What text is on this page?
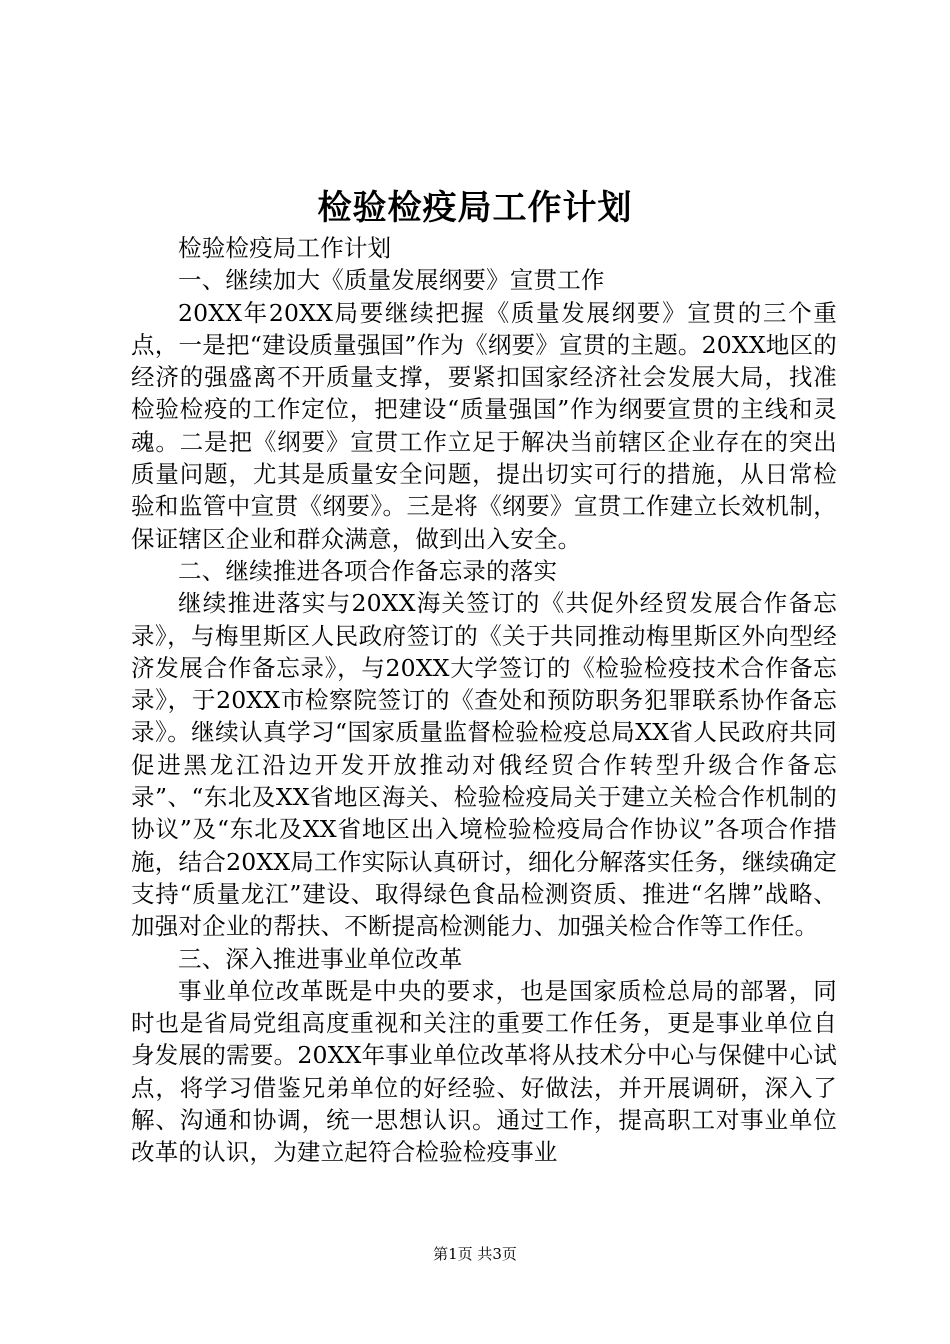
检验检疫局工作计划

检验检疫局工作计划

一、继续加大《质量发展纲要》宣贯工作

20XX年20XX局要继续把握《质量发展纲要》宣贯的三个重点，一是把“建设质量强国”作为《纲要》宣贯的主题。20XX地区的经济的强盛离不开质量支撑，要紧扣国家经济社会发展大局，找准检验检疫的工作定位，把建设“质量强国”作为纲要宣贯的主线和灵魂。二是把《纲要》宣贯工作立足于解决当前辖区企业存在的突出质量问题，尤其是质量安全问题，提出切实可行的措施，从日常检验和监管中宣贯《纲要》。三是将《纲要》宣贯工作建立长效机制，保证辖区企业和群众满意，做到出入安全。

二、继续推进各项合作备忘录的落实

继续推进落实与20XX海关签订的《共促外经贸发展合作备忘录》，与梅里斯区人民政府签订的《关于共同推动梅里斯区外向型经济发展合作备忘录》，与20XX大学签订的《检验检疫技术合作备忘录》，于20XX市检察院签订的《查处和预防职务犯罪联系协作备忘录》。继续认真学习“国家质量监督检验检疫总局XX省人民政府共同促进黑龙江沿边开发开放推动对俄经贸合作转型升级合作备忘录”、“东北及XX省地区海关、检验检疫局关于建立关检合作机制的协议”及“东北及XX省地区出入境检验检疫局合作协议”各项合作措施，结合20XX局工作实际认真研讨，细化分解落实任务，继续确定支持“质量龙江”建设、取得绿色食品检测资质、推进“名牌”战略、加强对企业的帮扶、不断提高检测能力、加强关检合作等工作任。

三、深入推进事业单位改革

事业单位改革既是中央的要求，也是国家质检总局的部署，同时也是省局党组高度重视和关注的重要工作任务，更是事业单位自身发展的需要。20XX年事业单位改革将从技术分中心与保健中心试点，将学习借鉴兄弟单位的好经验、好做法，并开展调研，深入了解、沟通和协调，统一思想认识。通过工作，提高职工对事业单位改革的认识，为建立起符合检验检疫事业

第1页 共3页
